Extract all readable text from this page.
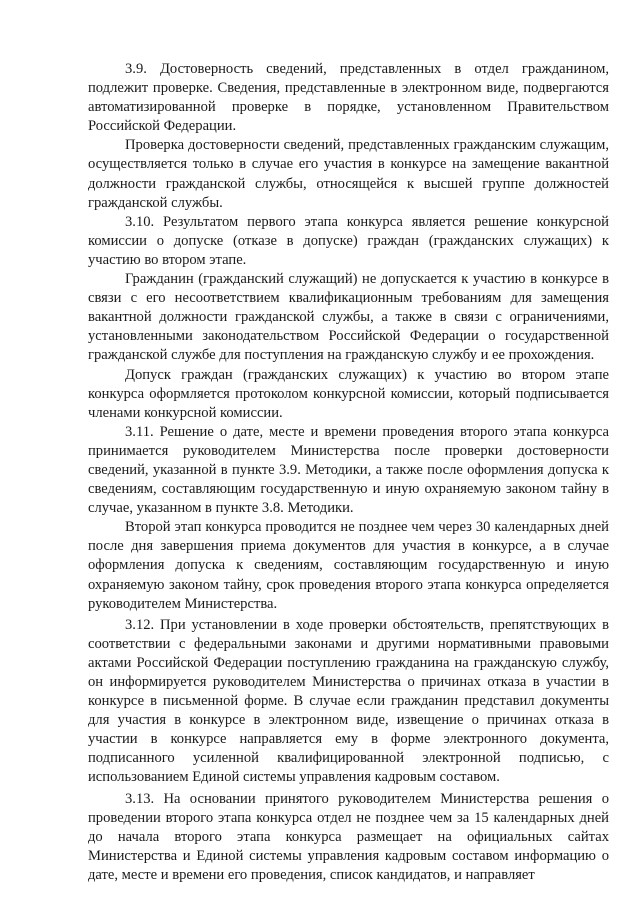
3.9. Достоверность сведений, представленных в отдел гражданином, подлежит проверке. Сведения, представленные в электронном виде, подвергаются автоматизированной проверке в порядке, установленном Правительством Российской Федерации.

Проверка достоверности сведений, представленных гражданским служащим, осуществляется только в случае его участия в конкурсе на замещение вакантной должности гражданской службы, относящейся к высшей группе должностей гражданской службы.

3.10. Результатом первого этапа конкурса является решение конкурсной комиссии о допуске (отказе в допуске) граждан (гражданских служащих) к участию во втором этапе.

Гражданин (гражданский служащий) не допускается к участию в конкурсе в связи с его несоответствием квалификационным требованиям для замещения вакантной должности гражданской службы, а также в связи с ограничениями, установленными законодательством Российской Федерации о государственной гражданской службе для поступления на гражданскую службу и ее прохождения.

Допуск граждан (гражданских служащих) к участию во втором этапе конкурса оформляется протоколом конкурсной комиссии, который подписывается членами конкурсной комиссии.

3.11. Решение о дате, месте и времени проведения второго этапа конкурса принимается руководителем Министерства после проверки достоверности сведений, указанной в пункте 3.9. Методики, а также после оформления допуска к сведениям, составляющим государственную и иную охраняемую законом тайну в случае, указанном в пункте 3.8. Методики.

Второй этап конкурса проводится не позднее чем через 30 календарных дней после дня завершения приема документов для участия в конкурсе, а в случае оформления допуска к сведениям, составляющим государственную и иную охраняемую законом тайну, срок проведения второго этапа конкурса определяется руководителем Министерства.

3.12. При установлении в ходе проверки обстоятельств, препятствующих в соответствии с федеральными законами и другими нормативными правовыми актами Российской Федерации поступлению гражданина на гражданскую службу, он информируется руководителем Министерства о причинах отказа в участии в конкурсе в письменной форме. В случае если гражданин представил документы для участия в конкурсе в электронном виде, извещение о причинах отказа в участии в конкурсе направляется ему в форме электронного документа, подписанного усиленной квалифицированной электронной подписью, с использованием Единой системы управления кадровым составом.

3.13. На основании принятого руководителем Министерства решения о проведении второго этапа конкурса отдел не позднее чем за 15 календарных дней до начала второго этапа конкурса размещает на официальных сайтах Министерства и Единой системы управления кадровым составом информацию о дате, месте и времени его проведения, список кандидатов, и направляет
